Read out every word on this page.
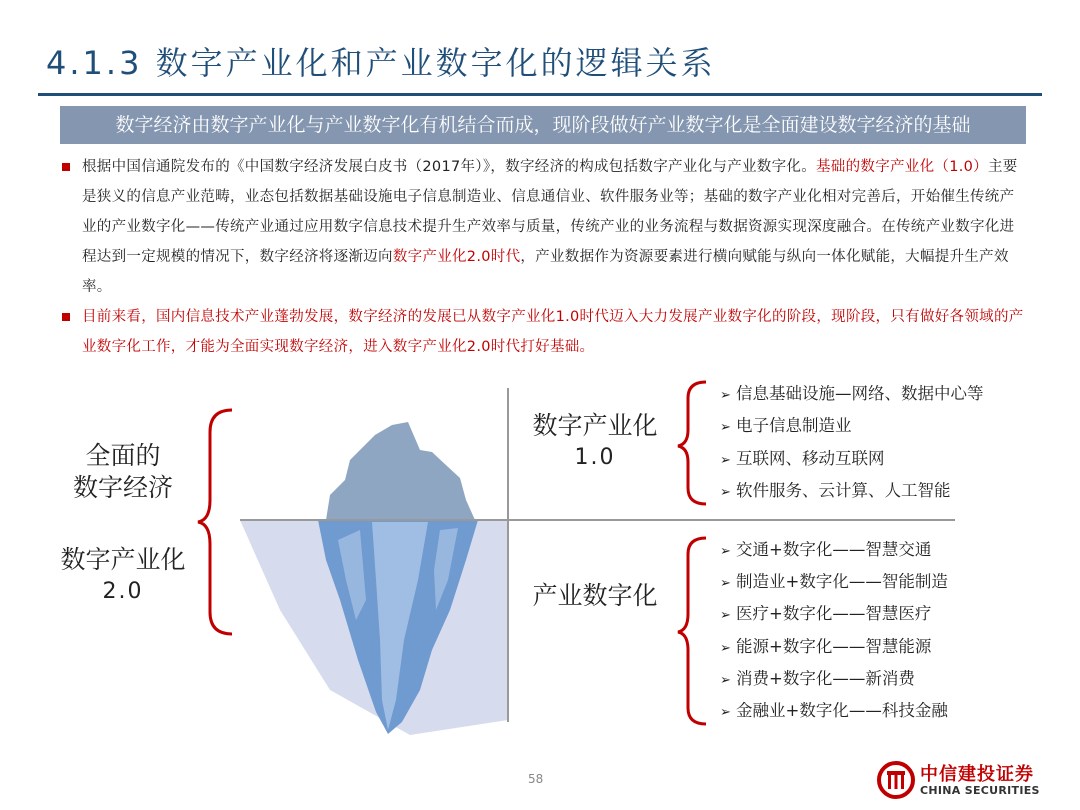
4.1.3 数字产业化和产业数字化的逻辑关系
数字经济由数字产业化与产业数字化有机结合而成，现阶段做好产业数字化是全面建设数字经济的基础
根据中国信通院发布的《中国数字经济发展白皮书（2017年）》，数字经济的构成包括数字产业化与产业数字化。基础的数字产业化（1.0）主要是狭义的信息产业范畴，业态包括数据基础设施电子信息制造业、信息通信业、软件服务业等；基础的数字产业化相对完善后，开始催生传统产业的产业数字化——传统产业通过应用数字信息技术提升生产效率与质量，传统产业的业务流程与数据资源实现深度融合。在传统产业数字化进程达到一定规模的情况下，数字经济将逐渐迈向数字产业化2.0时代，产业数据作为资源要素进行横向赋能与纵向一体化赋能，大幅提升生产效率。
目前来看，国内信息技术产业蓬勃发展，数字经济的发展已从数字产业化1.0时代迈入大力发展产业数字化的阶段，现阶段，只有做好各领域的产业数字化工作，才能为全面实现数字经济，进入数字产业化2.0时代打好基础。
全面的
数字经济
数字产业化
2.0
数字产业化
1.0
产业数字化
➢ 信息基础设施—网络、数据中心等
➢ 电子信息制造业
➢ 互联网、移动互联网
➢ 软件服务、云计算、人工智能
➢ 交通+数字化——智慧交通
➢ 制造业+数字化——智能制造
➢ 医疗+数字化——智慧医疗
➢ 能源+数字化——智慧能源
➢ 消费+数字化——新消费
➢ 金融业+数字化——科技金融
58	中信建投证券
CHINA SECURITIES
